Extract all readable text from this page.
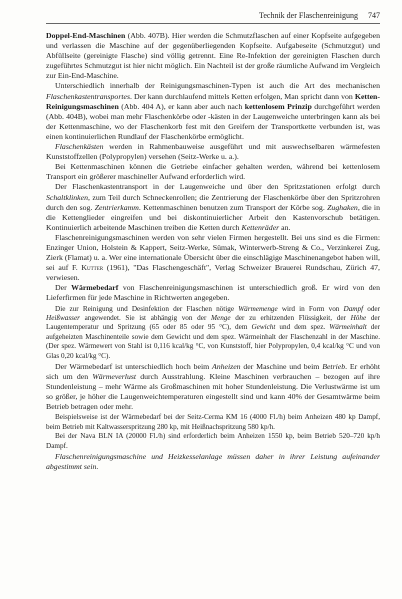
Technik der Flaschenreinigung 747

Doppel-End-Maschinen (Abb. 407B). Hier werden die Schmutzflaschen auf einer Kopfseite aufgegeben und verlassen die Maschine auf der gegenüberliegenden Kopfseite. Aufgabeseite (Schmutzgut) und Abfüllseite (gereinigte Flasche) sind völlig getrennt. Eine Re-Infektion der gereinigten Flaschen durch zugeführtes Schmutzgut ist hier nicht möglich. Ein Nachteil ist der große räumliche Aufwand im Vergleich zur Ein-End-Maschine.

Unterschiedlich innerhalb der Reinigungsmaschinen-Typen ist auch die Art des mechanischen Flaschenkastentransportes. Der kann durchlaufend mittels Ketten erfolgen, Man spricht dann von Ketten-Reinigungsmaschinen (Abb. 404 A), er kann aber auch nach kettenlosem Prinzip durchgeführt werden (Abb. 404B), wobei man mehr Flaschenkörbe oder -kästen in der Laugenweiche unterbringen kann als bei der Kettenmaschine, wo der Flaschenkorb fest mit den Greifern der Transportkette verbunden ist, was einen kontinuierlichen Rundlauf der Flaschenkörbe ermöglicht.

Flaschenkästen werden in Rahmenbauweise ausgeführt und mit auswechselbaren wärmefesten Kunststoffzellen (Polypropylen) versehen (Seitz-Werke u. a.).

Bei Kettenmaschinen können die Getriebe einfacher gehalten werden, während bei kettenlosem Transport ein größerer maschineller Aufwand erforderlich wird.

Der Flaschenkastentransport in der Laugenweiche und über den Spritzstationen erfolgt durch Schaltklinken, zum Teil durch Schneckenrollen; die Zentrierung der Flaschenkörbe über den Spritzrohren durch den sog. Zentrierkamm. Kettenmaschinen benutzen zum Transport der Körbe sog. Zughaken, die in die Kettenglieder eingreifen und bei diskontinuierlicher Arbeit den Kastenvorschub betätigen. Kontinuierlich arbeitende Maschinen treiben die Ketten durch Kettenräder an.

Flaschenreinigungsmaschinen werden von sehr vielen Firmen hergestellt. Bei uns sind es die Firmen: Enzinger Union, Holstein & Kappert, Seitz-Werke, Sümak, Winterwerb-Streng & Co., Verzinkerei Zug, Zierk (Flamat) u. a. Wer eine internationale Übersicht über die einschlägige Maschinenangebot haben will, sei auf F. Kutter (1961), "Das Flaschengeschäft", Verlag Schweizer Brauerei Rundschau, Zürich 47, verwiesen.

Der Wärmebedarf von Flaschenreinigungsmaschinen ist unterschiedlich groß. Er wird von den Lieferfirmen für jede Maschine in Richtwerten angegeben.

Die zur Reinigung und Desinfektion der Flaschen nötige Wärmemenge wird in Form von Dampf oder Heißwasser angewendet. Sie ist abhängig von der Menge der zu erhitzenden Flüssigkeit, der Höhe der Laugentemperatur und Spritzung (65 oder 85 oder 95 °C), dem Gewicht und dem spez. Wärmeinhalt der aufgeheizten Maschinenteile sowie dem Gewicht und dem spez. Wärmeinhalt der Flaschenzahl in der Maschine. (Der spez. Wärmewert von Stahl ist 0,116 kcal/kg °C, von Kunststoff, hier Polypropylen, 0,4 kcal/kg °C und von Glas 0,20 kcal/kg °C).

Der Wärmebedarf ist unterschiedlich hoch beim Anheizen der Maschine und beim Betrieb. Er erhöht sich um den Wärmeverlust durch Ausstrahlung. Kleine Maschinen verbrauchen – bezogen auf ihre Stundenleistung – mehr Wärme als Großmaschinen mit hoher Stundenleistung. Die Verlustwärme ist um so größer, je höher die Laugenweichtemperaturen eingestellt sind und kann 40% der Gesamtwärme beim Betrieb betragen oder mehr.

Beispielsweise ist der Wärmebedarf bei der Seitz-Cerma KM 16 (4000 Fl./h) beim Anheizen 480 kp Dampf, beim Betrieb mit Kaltwasserspritzung 280 kp, mit Heißnachspritzung 580 kp/h.

Bei der Nava BLN IA (20000 Fl./h) sind erforderlich beim Anheizen 1550 kp, beim Betrieb 520–720 kp/h Dampf.

Flaschenreinigungsmaschine und Heizkesselanlage müssen daher in ihrer Leistung aufeinander abgestimmt sein.
